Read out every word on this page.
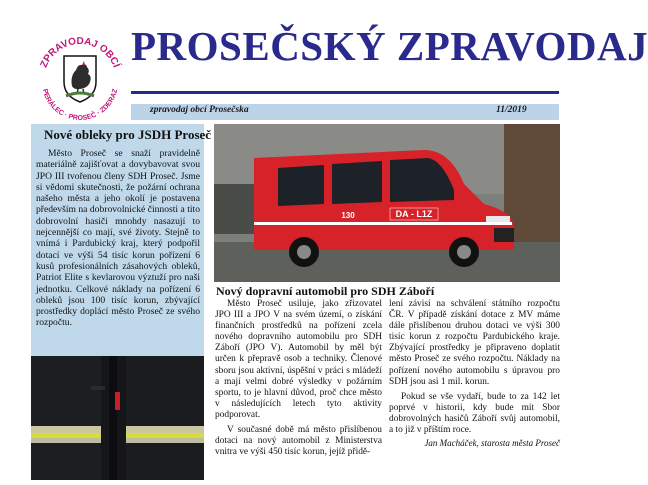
ZPRAVODAJ OBCÍ
PERÁLEC · PROSEČ · ZDERAZ
PROSEČSKÝ ZPRAVODAJ
zpravodaj obcí Prosečska	11/2019
Nové obleky pro JSDH Proseč

Město Proseč se snaží pravidelně materiálně zajišťovat a dovybavovat svou JPO III tvořenou členy SDH Proseč. Jsme si vědomi skutečnosti, že požární ochrana našeho města a jeho okolí je postavena především na dobrovolnické činnosti a tito dobrovolní hasiči mnohdy nasazují to nejcennější co mají, své životy. Stejně to vnímá i Pardubický kraj, který podpořil dotací ve výši 54 tisíc korun pořízení 6 kusů profesionálních zásahových obleků, Patriot Elite s kevlarovou výztuží pro naši jednotku. Celkové náklady na pořízení 6 obleků jsou 100 tisíc korun, zbývající prostředky doplácí město Proseč ze svého rozpočtu.

DA - L1Z
130
Nový dopravní automobil pro SDH Záboří

Město Proseč usiluje, jako zřizovatel JPO III a JPO V na svém území, o získání finančních prostředků na pořízení zcela nového dopravního automobilu pro SDH Záboří (JPO V). Automobil by měl být určen k přepravě osob a techniky. Členové sboru jsou aktivní, úspěšní v práci s mládeží a mají velmi dobré výsledky v požárním sportu, to je hlavní důvod, proč chce město v následujících letech tyto aktivity podporovat.

V současné době má město přislíbenou dotaci na nový automobil z Ministerstva vnitra ve výši 450 tisíc korun, jejíž přidě-

lení závisí na schválení státního rozpočtu ČR. V případě získání dotace z MV máme dále přislíbenou druhou dotaci ve výši 300 tisíc korun z rozpočtu Pardubického kraje. Zbývající prostředky je připraveno doplatit město Proseč ze svého rozpočtu. Náklady na pořízení nového automobilu s úpravou pro SDH jsou asi 1 mil. korun.

Pokud se vše vydaří, bude to za 142 let poprvé v historii, kdy bude mít Sbor dobrovolných hasičů Záboří svůj automobil, a to již v příštím roce.

Jan Macháček, starosta města Proseč
